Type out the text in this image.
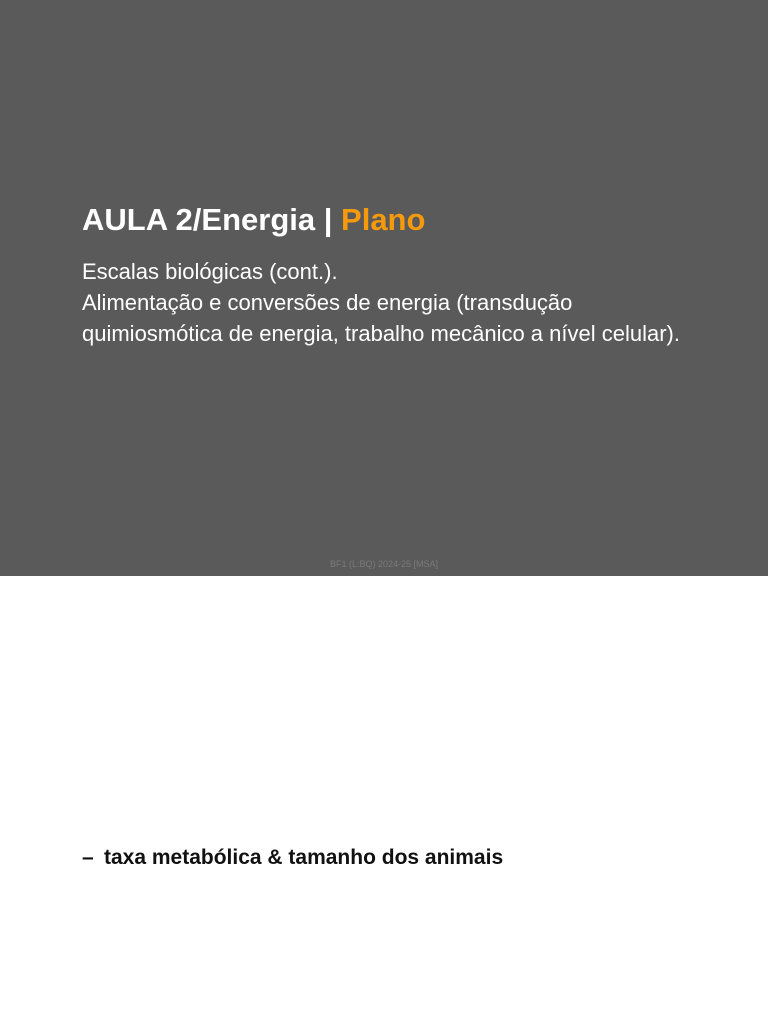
AULA 2/Energia | Plano

Escalas biológicas (cont.).

Alimentação e conversões de energia (transdução quimiosmótica de energia, trabalho mecânico a nível celular).

BF1 (L:BQ) 2024-25 [MSA]
– taxa metabólica & tamanho dos animais
